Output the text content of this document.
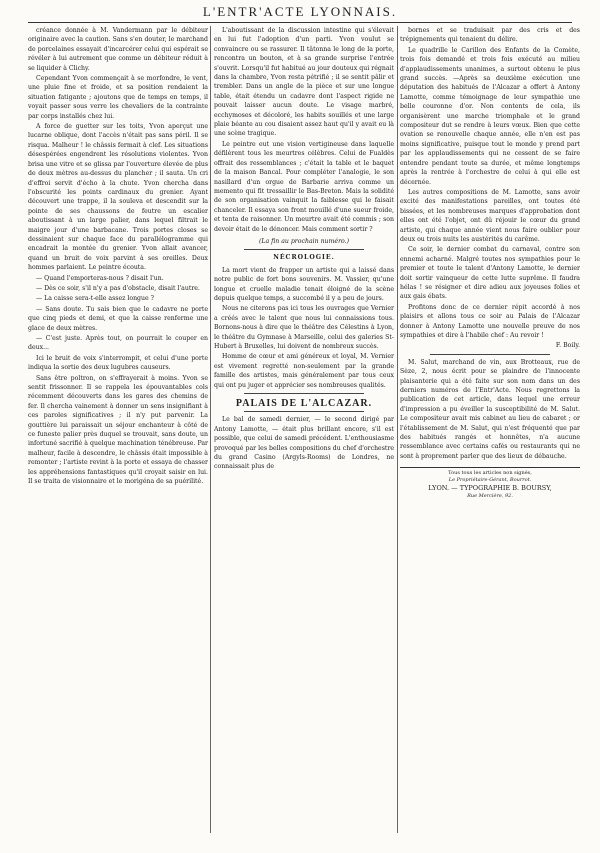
L'ENTR'ACTE LYONNAIS.

créance donnée à M. Vandermann par le débiteur originaire avec la caution. Sans s'en douter, le marchand de porcelaines essayait d'incarcérer celui qui espérait se révéler à lui autrement que comme un débiteur réduit à se liquider à Clichy.

Cependant Yvon commençait à se morfondre, le vent, une pluie fine et froide, et sa position rendaient la situation fatigante ; ajoutons que de temps en temps, il voyait passer sous verre les chevaliers de la contrainte par corps installés chez lui.

A force de guetter sur les toits, Yvon aperçut une lucarne oblique, dont l'accès n'était pas sans péril. Il se risqua. Malheur ! le châssis fermait à clef. Les situations désespérées engendrent les résolutions violentes. Yvon brisa une vitre et se glissa par l'ouverture élevée de plus de deux mètres au-dessus du plancher ; il sauta. Un cri d'effroi servit d'écho à la chute. Yvon chercha dans l'obscurité les points cardinaux du grenier. Ayant découvert une trappe, il la souleva et descendit sur la pointe de ses chaussons de feutre un escalier aboutissant à un large palier, dans lequel filtrait le maigre jour d'une barbacane. Trois portes closes se dessinaient sur chaque face du parallélogramme qui encadrait la montée du grenier. Yvon allait avancer, quand un bruit de voix parvint à ses oreilles. Deux hommes parlaient. Le peintre écouta.

— Quand l'emporteras-nous ? disait l'un.

— Dès ce soir, s'il n'y a pas d'obstacle, disait l'autre.

— La caisse sera-t-elle assez longue ?

— Sans doute. Tu sais bien que le cadavre ne porte que cinq pieds et demi, et que la caisse renferme une glace de deux mètres.

— C'est juste. Après tout, on pourrait le couper en deux...

Ici le bruit de voix s'interrompit, et celui d'une porte indiqua la sortie des deux lugubres causeurs.

Sans être poltron, on s'effrayerait à moins. Yvon se sentit frissonner. Il se rappela les épouvantables cols récemment découverts dans les gares des chemins de fer. Il chercha vainement à donner un sens insignifiant à ces paroles significatives ; il n'y put parvenir. La gouttière lui paraissait un séjour enchanteur à côté de ce funeste palier près duquel se trouvait, sans doute, un infortuné sacrifié à quelque machination ténébreuse. Par malheur, facile à descendre, le châssis était impossible à remonter ; l'artiste revint à la porte et essaya de chasser les appréhensions fantastiques qu'il croyait saisir en lui. Il se traita de visionnaire et le morigéna de sa puérilité.

L'aboutissant de la discussion intestine qui s'élevait en lui fut l'adoption d'un parti. Yvon voulut se convaincre ou se rassurer. Il tâtonna le long de la porte, rencontra un bouton, et à sa grande surprise l'entrée s'ouvrit. Lorsqu'il fut habitué au jour douteux qui régnait dans la chambre, Yvon resta pétrifié ; il se sentit pâlir et trembler. Dans un angle de la pièce et sur une longue table, était étendu un cadavre dont l'aspect rigide ne pouvait laisser aucun doute. Le visage marbré, ecchymoses et décoloré, les habits souillés et une large plaie béante au cou disaient assez haut qu'il y avait eu là une scène tragique.

Le peintre eut une vision vertigineuse dans laquelle défilèrent tous les meurtres célèbres. Celui de Fualdès offrait des ressemblances ; c'était la table et le baquet de la maison Bancal. Pour compléter l'analogie, le son nasillard d'un orgue de Barbarie arriva comme un memento qui fit tressaillir le Bas-Breton. Mais la solidité de son organisation vainquit la faiblesse qui le faisait chanceler. Il essaya son front mouillé d'une sueur froide, et tenta de raisonner. Un meurtre avait été commis ; son devoir était de le dénoncer. Mais comment sortir ?

(La fin au prochain numéro.)

NÉCROLOGIE.

La mort vient de frapper un artiste qui a laissé dans notre public de fort bons souvenirs. M. Vassier, qu'une longue et cruelle maladie tenait éloigné de la scène depuis quelque temps, a succombé il y a peu de jours.

Nous ne citerons pas ici tous les ouvrages que Vernier a créés avec le talent que nous lui connaissions tous. Bornons-nous à dire que le théâtre des Célestins à Lyon, le théâtre du Gymnase à Marseille, celui des galeries St-Hubert à Bruxelles, lui doivent de nombreux succès.

Homme de cœur et ami généreux et loyal, M. Vernier est vivement regretté non-seulement par la grande famille des artistes, mais généralement par tous ceux qui ont pu juger et apprécier ses nombreuses qualités.

PALAIS DE L'ALCAZAR.

Le bal de samedi dernier, — le second dirigé par Antony Lamotte, — était plus brillant encore, s'il est possible, que celui de samedi précédent. L'enthousiasme provoqué par les belles compositions du chef d'orchestre du grand Casino (Argyls-Rooms) de Londres, ne connaissait plus de

bornes et se traduisait par des cris et des trépignements qui tenaient du délire.

Le quadrille le Carillon des Enfants de la Comète, trois fois demandé et trois fois exécuté au milieu d'applaudissements unanimes, a surtout obtenu le plus grand succès. —Après sa deuxième exécution une députation des habitués de l'Alcazar a offert à Antony Lamotte, comme témoignage de leur sympathie une belle couronne d'or. Non contents de cela, ils organisèrent une marche triomphale et le grand compositeur dut se rendre à leurs vœux. Bien que cette ovation se renouvelle chaque année, elle n'en est pas moins significative, puisque tout le monde y prend part par les applaudissements qui ne cessent de se faire entendre pendant toute sa durée, et même longtemps après la rentrée à l'orchestre de celui à qui elle est décernée.

Les autres compositions de M. Lamotte, sans avoir excité des manifestations pareilles, ont toutes été bissées, et les nombreuses marques d'approbation dont elles ont été l'objet, ont dû réjouir le cœur du grand artiste, qui chaque année vient nous faire oublier pour deux ou trois nuits les austérités du carême.

Ce soir, le dernier combat du carnaval, contre son ennemi acharné. Malgré toutes nos sympathies pour le premier et toute le talent d'Antony Lamotte, le dernier doit sortir vainqueur de cette lutte suprême. Il faudra hélas ! se résigner et dire adieu aux joyeuses folies et aux gais ébats.

Profitons donc de ce dernier répit accordé à nos plaisirs et allons tous ce soir au Palais de l'Alcazar donner à Antony Lamotte une nouvelle preuve de nos sympathies et dire à l'habile chef : Au revoir !

F. Boily.

M. Salut, marchand de vin, aux Brotteaux, rue de Sèze, 2, nous écrit pour se plaindre de l'innocente plaisanterie qui a été faite sur son nom dans un des derniers numéros de l'Entr'Acte. Nous regrettons la publication de cet article, dans lequel une erreur d'impression a pu éveiller la susceptibilité de M. Salut. Le compositeur avait mis cabinet au lieu de cabaret ; or l'établissement de M. Salut, qui n'est fréquenté que par des habitués rangés et honnêtes, n'a aucune ressemblance avec certains cafés ou restaurants qui ne sont à proprement parler que des lieux de débauche.

Tous tous les articles non signés,
Le Propriétaire-Gérant, Bourrot.
LYON. — TYPOGRAPHIE B. BOURSY,
Rue Mercière, 92.
